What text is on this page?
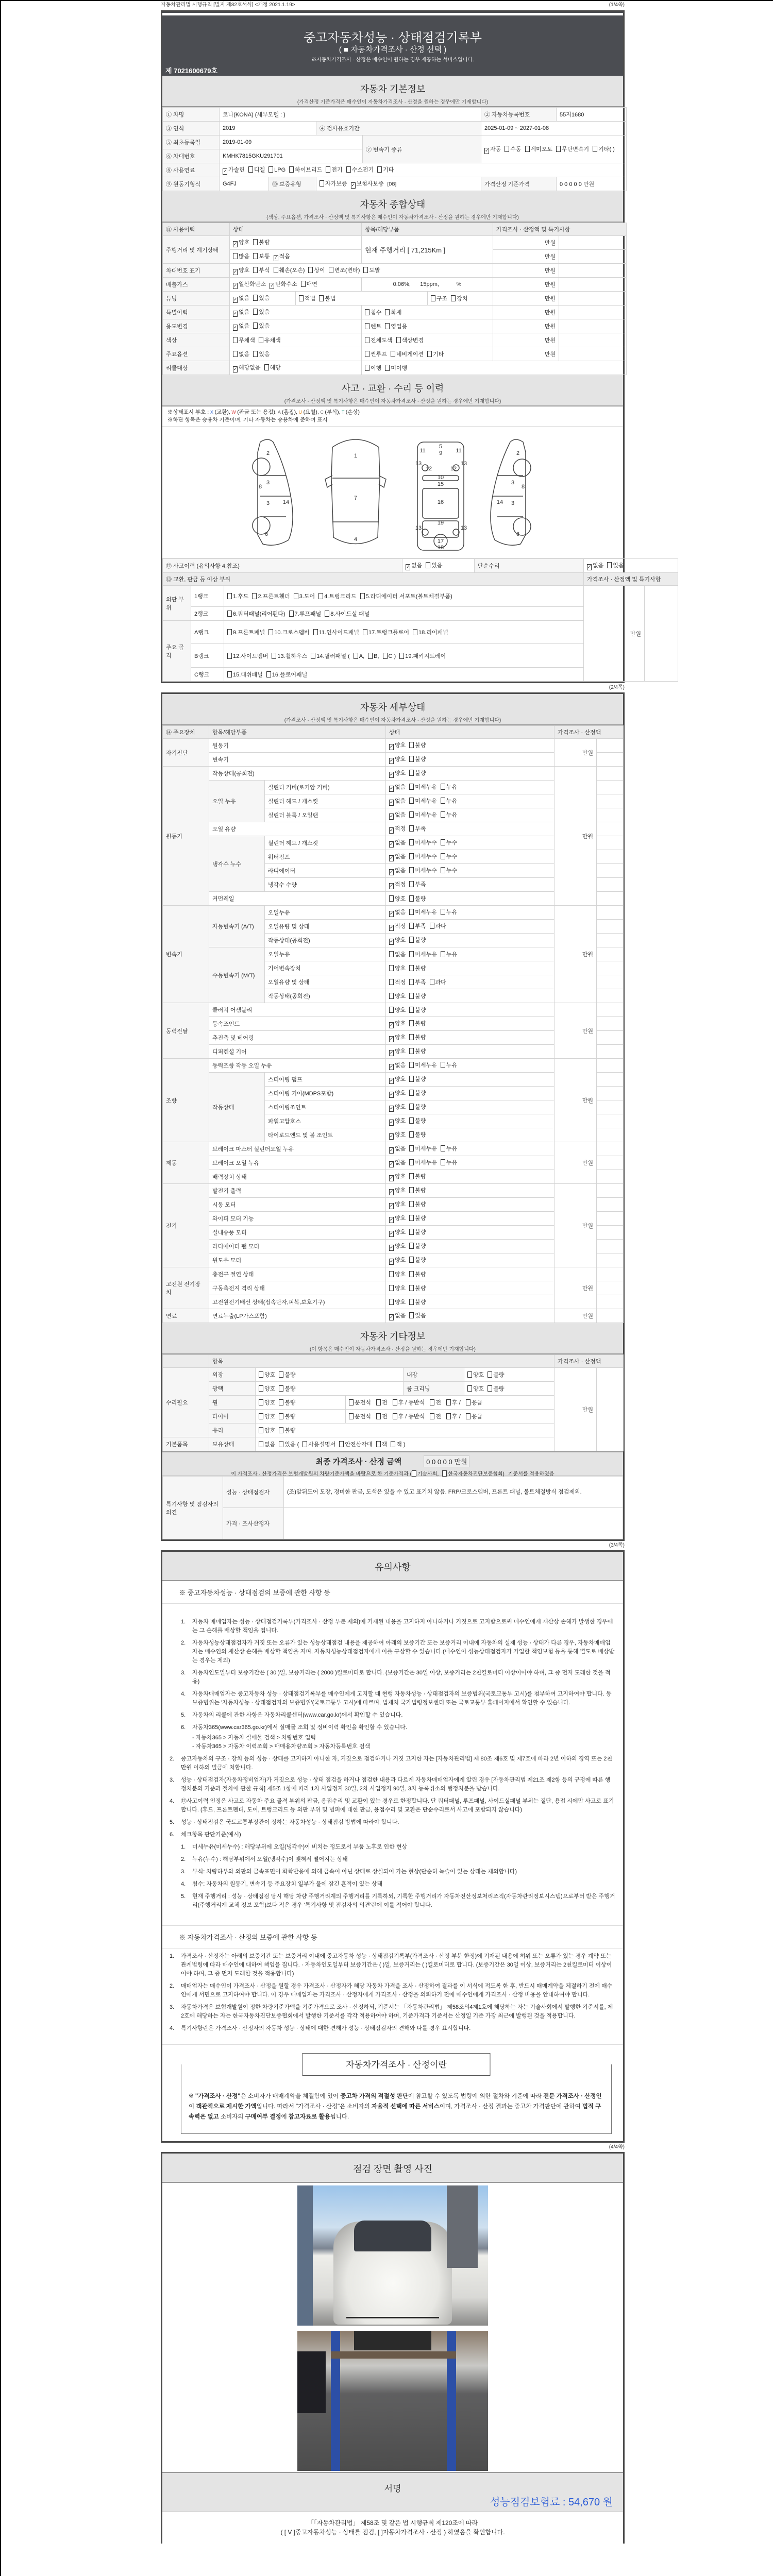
자동차관리법 시행규칙 [별지 제82호서식] <개정 2021.1.19>	(1/4쪽)
중고자동차성능 · 상태점검기록부
( ■ 자동차가격조사 · 산정 선택 )
※자동차가격조사 · 산정은 매수인이 원하는 경우 제공하는 서비스입니다.
제 7021600679호
자동차 기본정보
(가격산정 기준가격은 매수인이 자동차가격조사 · 산정을 원하는 경우에만 기재합니다)
① 차명	코나(KONA) (세부모델 : )				② 자동차등록번호	55저1680
③ 연식	2019		④ 검사유효기간		2025-01-09 ~ 2027-01-08	
⑤ 최초등록일	2019-01-09			⑦ 변속기 종류	✓ 자동 수동 세미오토 무단변속기 기타( )	
⑥ 차대번호	KMHK7815GKU291701					
⑧ 사용연료	✓ 가솔린 디젤 LPG 하이브리드 전기 수소전기 기타					
⑨ 원동기형식	G4FJ	⑩ 보증유형	자가보증 ✓ 보험사보증 [DB]		가격산정 기준가격	0 0 0 0 0 만원
자동차 종합상태
(색상, 주요옵션, 가격조사 · 산정액 및 특기사항은 매수인이 자동차가격조사 · 산정을 원하는 경우에만 기재합니다)
⑪ 사용이력	상태		항목/해당부품		가격조사 · 산정액 및 특기사항	
주행거리 및 계기상태	✓ 양호 불량		현재 주행거리 [ 71,215Km ]		만원	
	많음 보통 ✓ 적음				만원	
차대번호 표기	✓ 양호 부식 훼손(오손) 상이 변조(변타) 도말				만원	
배출가스	✓ 일산화탄소 ✓ 탄화수소 매연		0.06%,      15ppm,           %		만원	
튜닝	✓ 없음 있음	적법 불법		구조 장치	만원	
특별이력	✓ 없음 있음		침수 화재		만원	
용도변경	✓ 없음 있음		렌트 영업용		만원	
색상	무채색 유채색		전체도색 색상변경		만원	
주요옵션	없음 있음		썬루프 네비게이션 기타		만원	
리콜대상	✓ 해당없음 해당		이행 미이행			
사고 · 교환 · 수리 등 이력
(가격조사 · 산정액 및 특기사항은 매수인이 자동차가격조사 · 산정을 원하는 경우에만 기재합니다)
※상태표시 부호 : X (교환), W (판금 또는 용접), A (흠집), U (요철), C (부식), T (손상)
※하단 항목은 승용차 기준이며, 기타 자동차는 승용차에 준하여 표시
1
2
3
3
4
5
6
7
8
9
10
11	11
12	12
13	13
13	13
14
15
16
17
18
19
2
3
3
8
14
6
⑫ 사고이력 (유의사항 4.참조)			✓ 없음 있음	단순수리	✓ 없음 있음	
⑬ 교환, 판금 등 이상 부위					가격조사 · 산정액 및 특기사항	
외판 부위	1랭크	1.후드 2.프론트휀더 3.도어 4.트렁크리드 5.라디에이터 서포트(볼트체결부품)			만원	
	2랭크	6.쿼터패널(리어휀다) 7.루프패널 8.사이드실 패널				
주요 골격	A랭크	9.프론트패널 10.크로스멤버 11.인사이드패널 17.트렁크플로어 18.리어패널				
	B랭크	12.사이드멤버 13.휠하우스 14.필러패널 ( A, B, C ) 19.패키지트레이				
	C랭크	15.대쉬패널 16.플로어패널				
(2/4쪽)
자동차 세부상태
(가격조사 · 산정액 및 특기사항은 매수인이 자동차가격조사 · 산정을 원하는 경우에만 기재합니다)
⑭ 주요장치	항목/해당부품		상태	가격조사 · 산정액	
자기진단	원동기		✓ 양호 불량	만원	
	변속기		✓ 양호 불량		
원동기	작동상태(공회전)		✓ 양호 불량	만원	
	오일 누유	실린더 커버(로커암 커버)	✓ 없음 미세누유 누유		
		실린더 헤드 / 개스킷	✓ 없음 미세누유 누유		
		실린더 블록 / 오일팬	✓ 없음 미세누유 누유		
	오일 유량		✓ 적정 부족		
	냉각수 누수	실린더 헤드 / 개스킷	✓ 없음 미세누수 누수		
		워터펌프	✓ 없음 미세누수 누수		
		라디에이터	✓ 없음 미세누수 누수		
		냉각수 수량	✓ 적정 부족		
	커먼레일		양호 불량		
변속기	자동변속기 (A/T)	오일누유	✓ 없음 미세누유 누유	만원	
		오일유량 및 상태	✓ 적정 부족 과다		
		작동상태(공회전)	✓ 양호 불량		
	수동변속기 (M/T)	오일누유	없음 미세누유 누유		
		기어변속장치	양호 불량		
		오일유량 및 상태	적정 부족 과다		
		작동상태(공회전)	양호 불량		
동력전달	클러치 어셈블리		양호 불량	만원	
	등속조인트		✓ 양호 불량		
	추진축 및 베어링		✓ 양호 불량		
	디퍼렌셜 기어		✓ 양호 불량		
조향	동력조향 작동 오일 누유		✓ 없음 미세누유 누유	만원	
	작동상태	스티어링 펌프	✓ 양호 불량		
		스티어링 기어(MDPS포함)	✓ 양호 불량		
		스티어링조인트	✓ 양호 불량		
		파워고압호스	✓ 양호 불량		
		타이로드엔드 및 볼 조인트	✓ 양호 불량		
제동	브레이크 마스터 실린더오일 누유		✓ 없음 미세누유 누유	만원	
	브레이크 오일 누유		✓ 없음 미세누유 누유		
	배력장치 상태		✓ 양호 불량		
전기	발전기 출력		✓ 양호 불량	만원	
	시동 모터		✓ 양호 불량		
	와이퍼 모터 기능		✓ 양호 불량		
	실내송풍 모터		✓ 양호 불량		
	라디에이터 팬 모터		✓ 양호 불량		
	윈도우 모터		✓ 양호 불량		
고전원 전기장치	충전구 절연 상태		양호 불량	만원	
	구동축전지 격리 상태		양호 불량		
	고전원전기배선 상태(접속단자,피복,보호기구)		양호 불량		
연료	연료누출(LP가스포함)		✓ 없음 있음	만원	
자동차 기타정보
(이 항목은 매수인이 자동차가격조사 · 산정을 원하는 경우에만 기재합니다)
	항목					가격조사 · 산정액	
수리필요	외장	양호 불량		내장	양호 불량	만원	
	광택	양호 불량		룸 크리닝	양호 불량		
	휠	양호 불량	운전석 전 후 / 동반석 전 후 / 응급				
	타이어	양호 불량	운전석 전 후 / 동반석 전 후 / 응급				
	유리	양호 불량					
기본품목	보유상태	없음 있음 ( 사용설명서 안전삼각대 잭 잭 )					
최종 가격조사 · 산정 금액	0 0 0 0 0 만원
이 가격조사 · 산정가격은 보험개발원의 차량기준가액을 바탕으로 한 기준가격과 ( 기술사회, 한국자동차진단보증협회) 기준서를 적용하였음
특기사항 및 점검자의 의견	성능 · 상태점검자	(조)앞뒤도어 도장, 경미한 판금, 도색은 있을 수 있고 표기치 않음. FRP/크로스멤버, 프론트 패널, 볼트체결방식 점검제외.
	가격 · 조사산정자	
(3/4쪽)
유의사항
※ 중고자동차성능 · 상태점검의 보증에 관한 사항 등
1.	자동차 매매업자는 성능 · 상태점검기록부(가격조사 · 산정 부분 제외)에 기재된 내용을 고지하지 아니하거나 거짓으로 고지함으로써 매수인에게 재산상 손해가 발생한 경우에는 그 손해를 배상할 책임을 집니다.
2.	자동차성능상태점검자가 거짓 또는 오류가 있는 성능상태점검 내용을 제공하여 아래의 보증기간 또는 보증거리 이내에 자동차의 실제 성능 · 상태가 다른 경우, 자동차매매업자는 매수인의 재산상 손해를 배상할 책임을 지며, 자동차성능상태점검자에게 이를 구상할 수 있습니다.(매수인이 성능상태점검자가 가입한 책임보험 등을 통해 별도로 배상받는 경우는 제외)
3.	자동차인도일부터 보증기간은 ( 30 )일, 보증거리는 ( 2000 )킬로미터로 합니다. (보증기간은 30일 이상, 보증거리는 2천킬로미터 이상이어야 하며, 그 중 먼저 도래한 것을 적용)
4.	자동차매매업자는 중고자동차 성능 · 상태점검기록부를 매수인에게 고지할 때 현행 자동차성능 · 상태점검자의 보증범위(국토교통부 고시)를 첨부하여 고지하여야 합니다. 동 보증범위는 '자동차성능 · 상태점검자의 보증범위'(국토교통부 고시)에 따르며, 법제처 국가법령정보센터 또는 국토교통부 홈페이지에서 확인할 수 있습니다.
5.	자동차의 리콜에 관한 사항은 자동차리콜센터(www.car.go.kr)에서 확인할 수 있습니다.
6.	자동차365(www.car365.go.kr)에서 실매물 조회 및 정비이력 확인을 확인할 수 있습니다.
- 자동차365 > 자동차 실매물 검색 > 차량번호 입력
- 자동차365 > 자동차 이력조회 > 매매용차량조회 > 자동차등록번호 검색
2.	중고자동차의 구조 · 장치 등의 성능 · 상태를 고지하지 아니한 자, 거짓으로 점검하거나 거짓 고지한 자는 [자동차관리법] 제 80조 제6호 및 제7호에 따라 2년 이하의 징역 또는 2천만원 이하의 벌금에 처합니다.
3.	성능 · 상태점검자(자동차정비업자)가 거짓으로 성능 · 상태 점검을 하거나 점검한 내용과 다르게 자동차매매업자에게 알린 경우 [자동차관리법 제21조 제2항 등의 규정에 따른 행정처분의 기준과 절차에 관한 규칙] 제5조 1항에 따라 1차 사업정지 30일, 2차 사업정지 90일, 3차 등록취소의 행정처분을 받습니다.
4.	⑫사고이력 인정은 사고로 자동차 주요 골격 부위의 판금, 용접수리 및 교환이 있는 경우로 한정합니다. 단 쿼터패널, 루프패널, 사이드실패널 부위는 절단, 용접 시에만 사고로 표기합니다. (후드, 프론트펜더, 도어, 트렁크리드 등 외판 부위 및 범퍼에 대한 판금, 용접수리 및 교환은 단순수리로서 사고에 포함되지 않습니다)
5.	성능 · 상태점검은 국토교통부장관이 정하는 자동차성능 · 상태점검 방법에 따라야 합니다.
6.	체크항목 판단기준(예시)
1.	미세누유(미세누수) : 해당부위에 오일(냉각수)이 비치는 정도로서 부품 노후로 인한 현상
2.	누유(누수) : 해당부위에서 오일(냉각수)이 맺혀서 떨어지는 상태
3.	부식: 차량하부와 외판의 금속표면이 화학반응에 의해 금속이 아닌 상태로 상실되어 가는 현상(단순히 녹슬어 있는 상태는 제외합니다)
4.	침수: 자동차의 원동기, 변속기 등 주요장치 일부가 물에 잠긴 흔적이 있는 상태
5.	현재 주행거리 : 성능 · 상태점검 당시 해당 차량 주행거리계의 주행거리를 기록하되, 기록한 주행거리가 자동차전산정보처리조직(자동차관리정보시스템)으로부터 받은 주행거리(주행거리계 교체 정보 포함)보다 적은 경우 '특기사항 및 점검자의 의견'란에 이를 적어야 합니다.
※ 자동차가격조사 · 산정의 보증에 관한 사항 등
1.	가격조사 · 산정자는 아래의 보증기간 또는 보증거리 이내에 중고자동차 성능 · 상태점검기록부(가격조사 · 산정 부분 한정)에 기재된 내용에 허위 또는 오류가 있는 경우 계약 또는 관계법령에 따라 매수인에 대하여 책임을 집니다. · 자동차인도일부터 보증기간은 ( )일, 보증거리는 ( )킬로미터로 합니다. (보증기간은 30일 이상, 보증거리는 2천킬로미터 이상이어야 하며, 그 중 먼저 도래한 것을 적용합니다)
2.	매매업자는 매수인이 가격조사 · 산정을 원할 경우 가격조사 · 산정자가 해당 자동차 가격을 조사 · 산정하여 결과를 이 서식에 적도록 한 후, 반드시 매매계약을 체결하기 전에 매수인에게 서면으로 고지하여야 합니다. 이 경우 매매업자는 가격조사 · 산정자에게 가격조사 · 산정을 의뢰하기 전에 매수인에게 가격조사 · 산정 비용을 안내하여야 합니다.
3.	자동차가격은 보험개발원이 정한 차량기준가액을 기준가격으로 조사 · 산정하되, 기준서는 「자동차관리법」 제58조의4제1호에 해당하는 자는 기술사회에서 발행한 기준서를, 제2호에 해당하는 자는 한국자동차진단보증협회에서 발행한 기준서를 각각 적용하여야 하며, 기준가격과 기준서는 산정일 기준 가장 최근에 발행된 것을 적용합니다.
4.	특기사항란은 가격조사 · 산정자의 자동차 성능 · 상태에 대한 견해가 성능 · 상태점검자의 견해와 다를 경우 표시합니다.
자동차가격조사 · 산정이란
※ "가격조사 · 산정"은 소비자가 매매계약을 체결함에 있어 중고차 가격의 적절성 판단에 참고할 수 있도록 법령에 의한 절차와 기준에 따라 전문 가격조사 · 산정인이 객관적으로 제시한 가액입니다. 따라서 "가격조사 · 산정"은 소비자의 자율적 선택에 따른 서비스이며, 가격조사 · 산정 결과는 중고차 가격판단에 관하여 법적 구속력은 없고 소비자의 구매여부 결정에 참고자료로 활용됩니다.
(4/4쪽)
점검 장면 촬영 사진
서명
성능점검보험료 : 54,670 원
「「자동차관리법」 제58조 및 같은 법 시행규칙 제120조에 따라
( [ V ]중고자동차성능 · 상태를 점검, [ ]자동차가격조사 · 산정 ) 하였음을 확인합니다.
